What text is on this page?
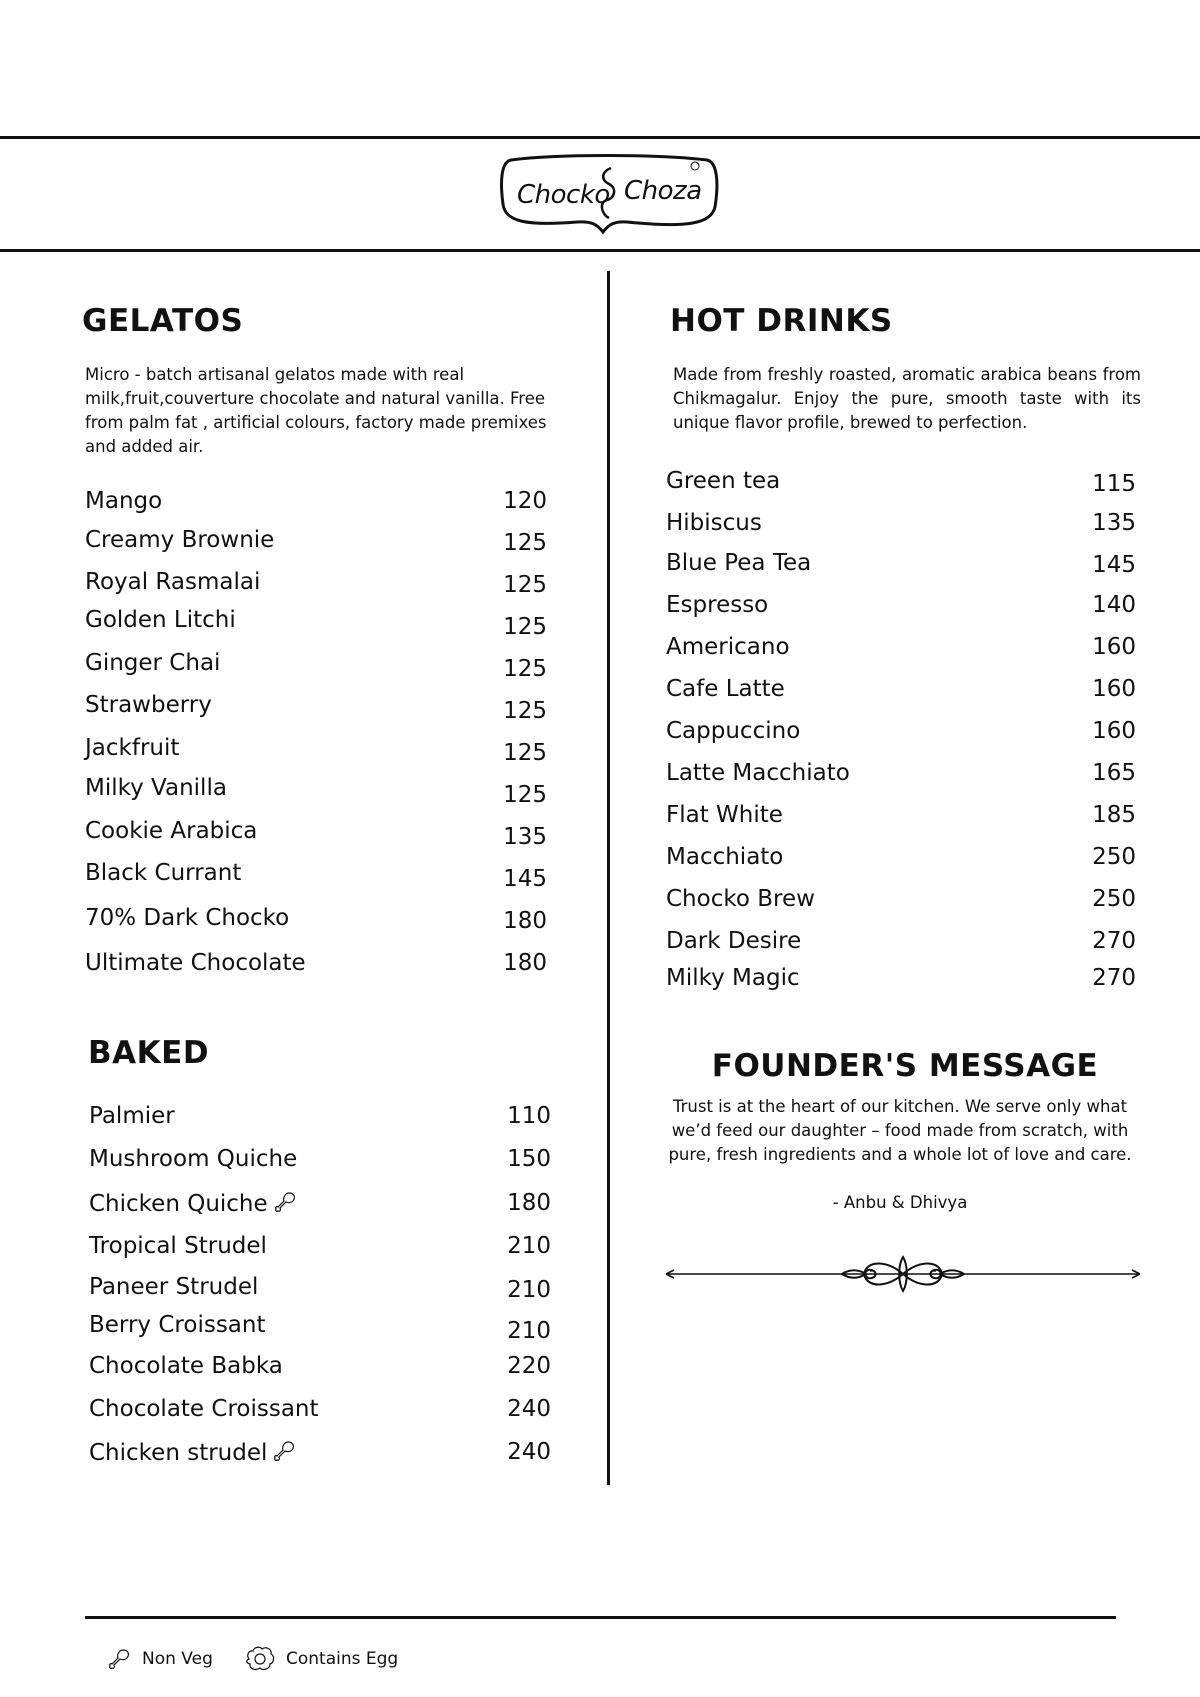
Chocko Choza
GELATOS

Micro - batch artisanal gelatos made with real milk,fruit,couverture chocolate and natural vanilla. Free from palm fat , artificial colours, factory made premixes and added air.

Mango	120
Creamy Brownie	125
Royal Rasmalai	125
Golden Litchi	125
Ginger Chai	125
Strawberry	125
Jackfruit	125
Milky Vanilla	125
Cookie Arabica	135
Black Currant	145
70% Dark Chocko	180
Ultimate Chocolate	180
BAKED
Palmier	110
Mushroom Quiche	150
Chicken Quiche	180
Tropical Strudel	210
Paneer Strudel	210
Berry Croissant	210
Chocolate Babka	220
Chocolate Croissant	240
Chicken strudel	240
HOT DRINKS

Made from freshly roasted, aromatic arabica beans from Chikmagalur. Enjoy the pure, smooth taste with its unique flavor profile, brewed to perfection.

Green tea	115
Hibiscus	135
Blue Pea Tea	145
Espresso	140
Americano	160
Cafe Latte	160
Cappuccino	160
Latte Macchiato	165
Flat White	185
Macchiato	250
Chocko Brew	250
Dark Desire	270
Milky Magic	270
FOUNDER'S MESSAGE

Trust is at the heart of our kitchen. We serve only what we’d feed our daughter – food made from scratch, with pure, fresh ingredients and a whole lot of love and care.

- Anbu & Dhivya

Non Veg	Contains Egg
